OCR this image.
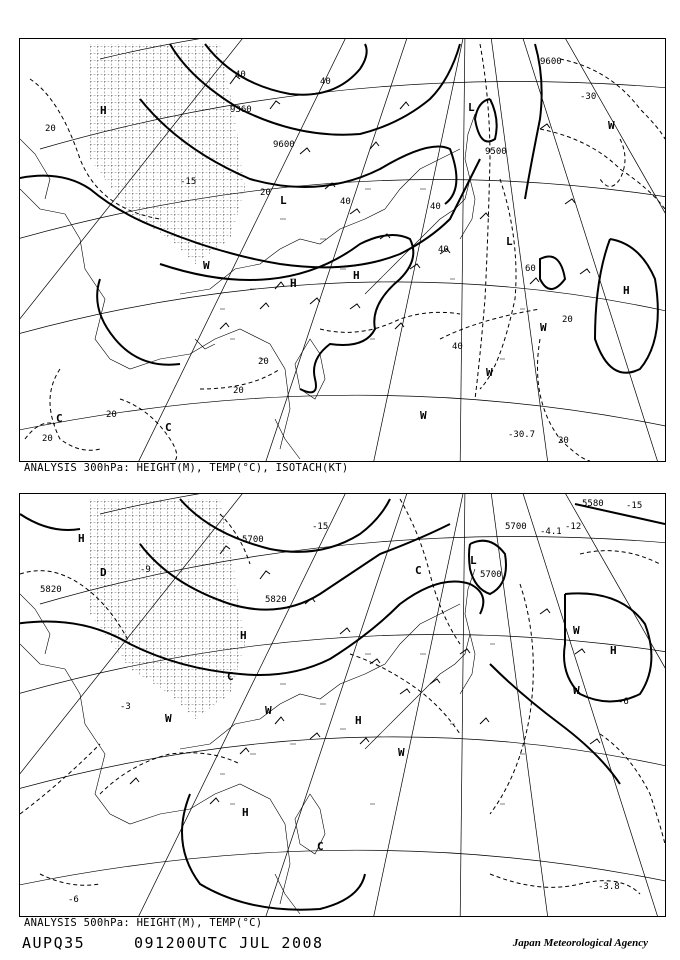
40
9360
9600
9500
9600
40
40	40
40
40
60
20
20
20
20
20
20
20
20
-15
-30.7
-30
H
H
H
H
L
L
L
W
W
W
W
W
C
C
ANALYSIS 300hPa: HEIGHT(M), TEMP(°C), ISOTACH(KT)
5820
5700
5820
5700
5700
5580
-4.1
-15
-15
-3	-6
-9
-12
-6
-3.8
H
H
H
H
H
L
C
C
C
W
W
W
W
W
D
ANALYSIS 500hPa: HEIGHT(M), TEMP(°C)
AUPQ35	091200UTC JUL 2008	Japan Meteorological Agency
